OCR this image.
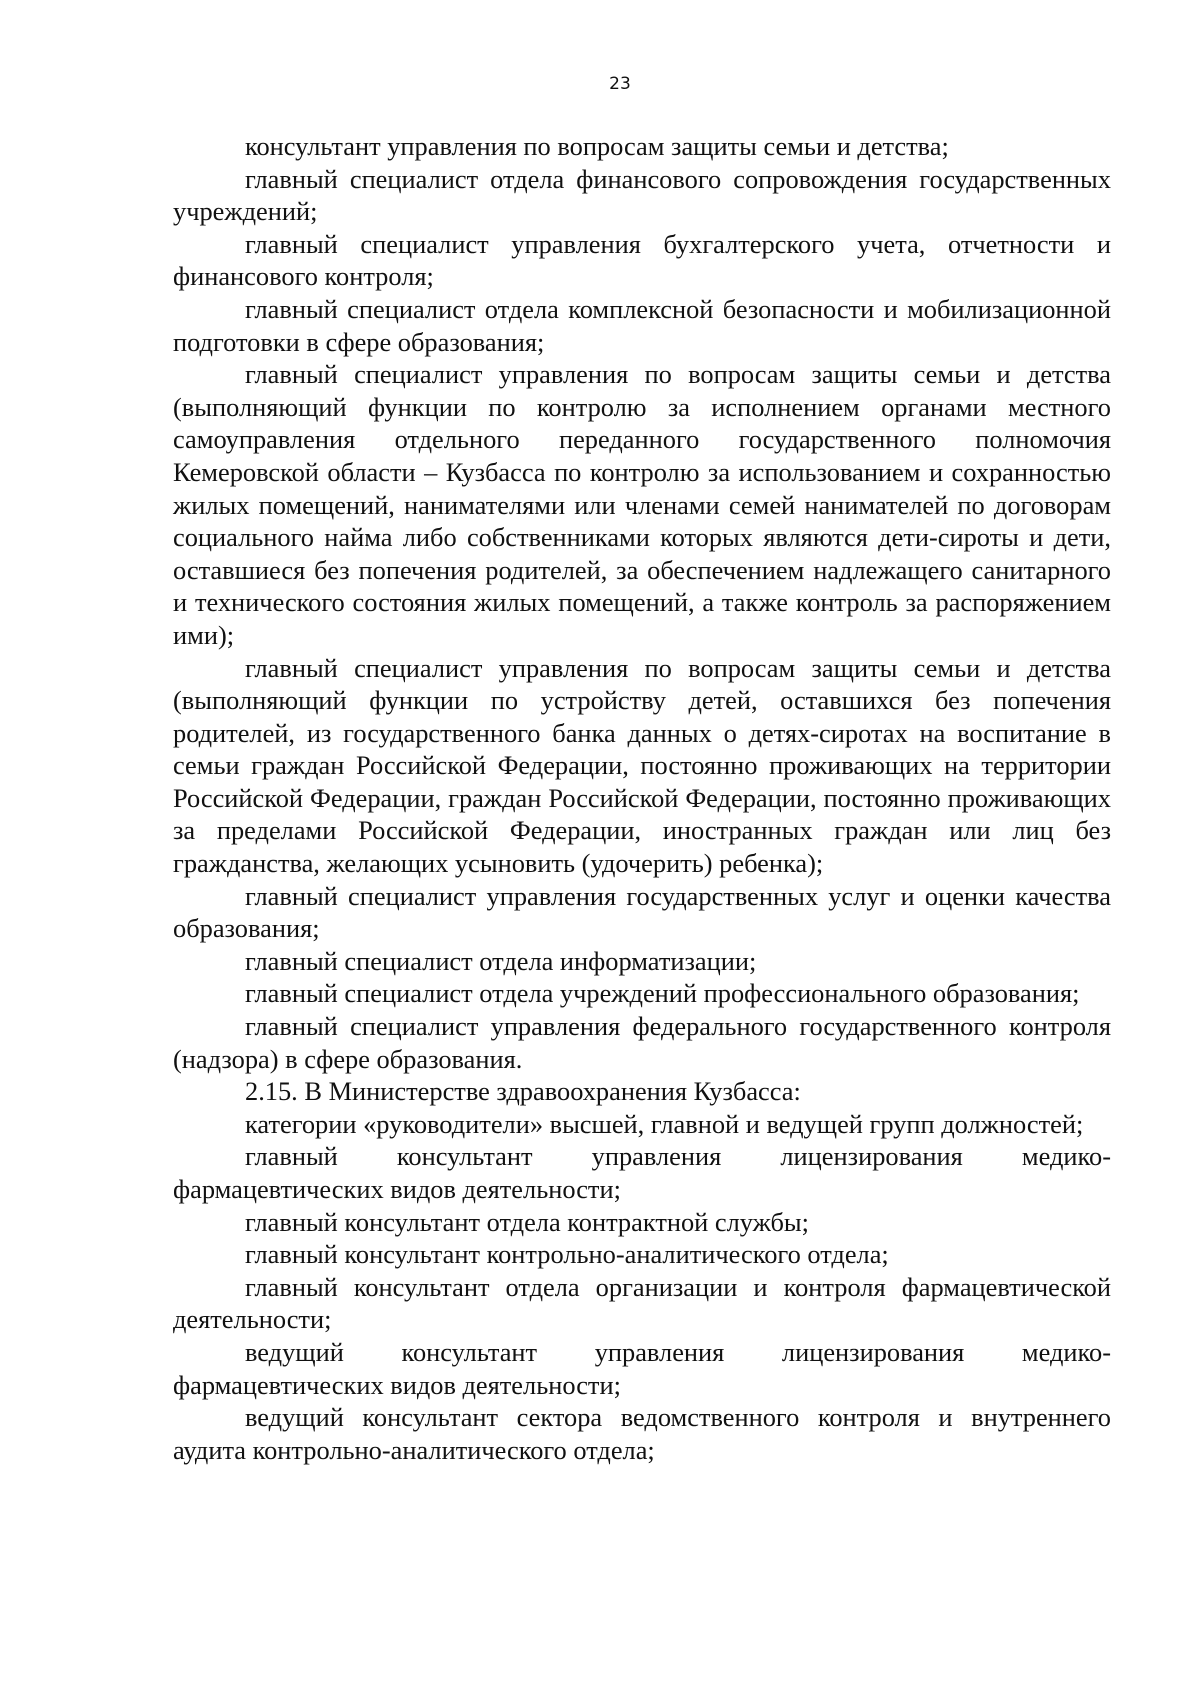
23

консультант управления по вопросам защиты семьи и детства;

главный специалист отдела финансового сопровождения государственных учреждений;

главный специалист управления бухгалтерского учета, отчетности и финансового контроля;

главный специалист отдела комплексной безопасности и мобилизационной подготовки в сфере образования;

главный специалист управления по вопросам защиты семьи и детства (выполняющий функции по контролю за исполнением органами местного самоуправления отдельного переданного государственного полномочия Кемеровской области – Кузбасса по контролю за использованием и сохранностью жилых помещений, нанимателями или членами семей нанимателей по договорам социального найма либо собственниками которых являются дети-сироты и дети, оставшиеся без попечения родителей, за обеспечением надлежащего санитарного и технического состояния жилых помещений, а также контроль за распоряжением ими);

главный специалист управления по вопросам защиты семьи и детства (выполняющий функции по устройству детей, оставшихся без попечения родителей, из государственного банка данных о детях-сиротах на воспитание в семьи граждан Российской Федерации, постоянно проживающих на территории Российской Федерации, граждан Российской Федерации, постоянно проживающих за пределами Российской Федерации, иностранных граждан или лиц без гражданства, желающих усыновить (удочерить) ребенка);

главный специалист управления государственных услуг и оценки качества образования;

главный специалист отдела информатизации;

главный специалист отдела учреждений профессионального образования;

главный специалист управления федерального государственного контроля (надзора) в сфере образования.

2.15. В Министерстве здравоохранения Кузбасса:

категории «руководители» высшей, главной и ведущей групп должностей;

главный консультант управления лицензирования медико-фармацевтических видов деятельности;

главный консультант отдела контрактной службы;

главный консультант контрольно-аналитического отдела;

главный консультант отдела организации и контроля фармацевтической деятельности;

ведущий консультант управления лицензирования медико-фармацевтических видов деятельности;

ведущий консультант сектора ведомственного контроля и внутреннего аудита контрольно-аналитического отдела;
